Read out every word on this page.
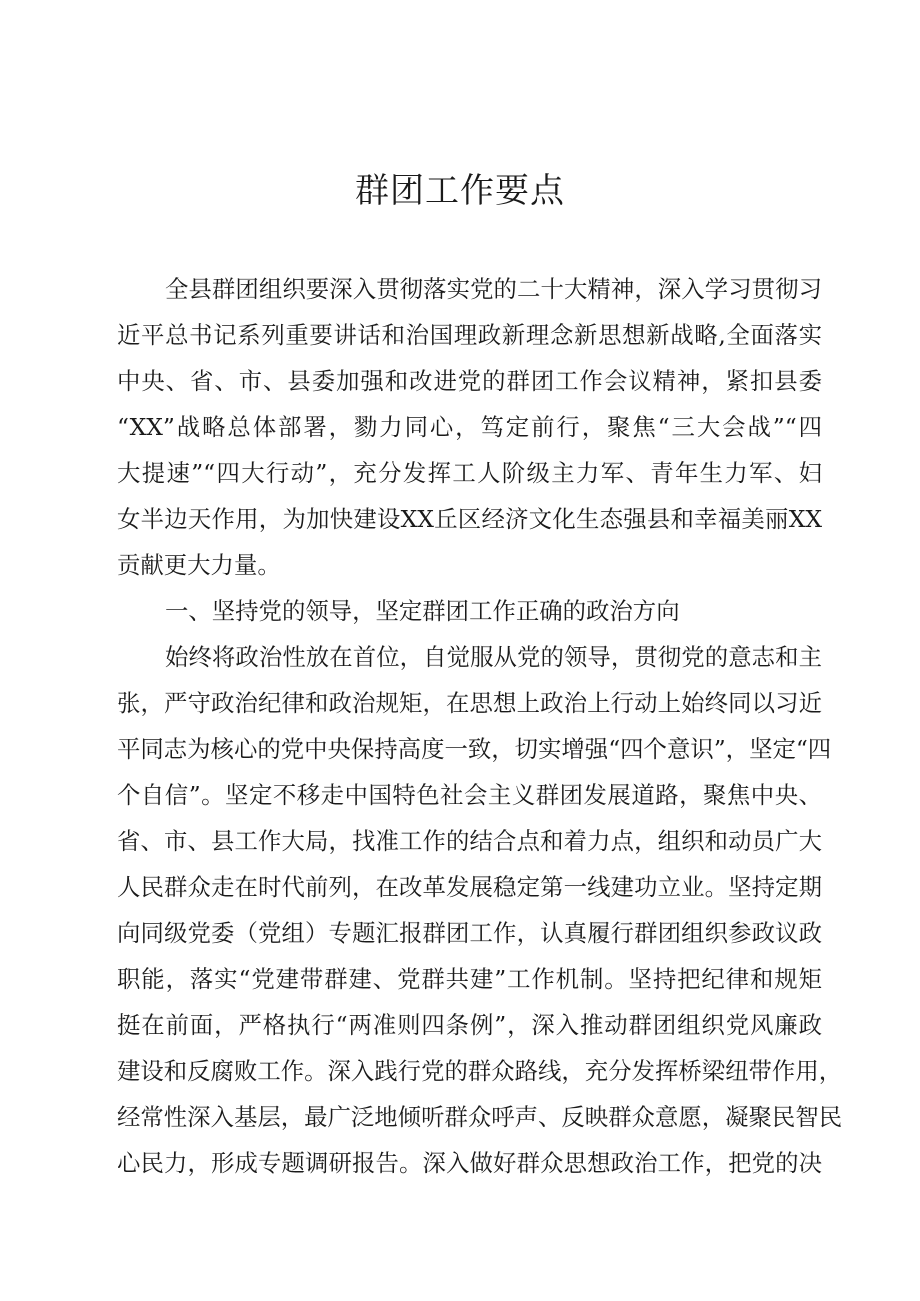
群团工作要点
全县群团组织要深入贯彻落实党的二十大精神，深入学习贯彻习
近平总书记系列重要讲话和治国理政新理念新思想新战略,全面落实
中央、省、市、县委加强和改进党的群团工作会议精神，紧扣县委
“XX”战略总体部署，勠力同心，笃定前行，聚焦“三大会战”“四
大提速”“四大行动”，充分发挥工人阶级主力军、青年生力军、妇
女半边天作用，为加快建设XX丘区经济文化生态强县和幸福美丽XX
贡献更大力量。
一、坚持党的领导，坚定群团工作正确的政治方向
始终将政治性放在首位，自觉服从党的领导，贯彻党的意志和主
张，严守政治纪律和政治规矩，在思想上政治上行动上始终同以习近
平同志为核心的党中央保持高度一致，切实增强“四个意识”，坚定“四
个自信”。坚定不移走中国特色社会主义群团发展道路，聚焦中央、
省、市、县工作大局，找准工作的结合点和着力点，组织和动员广大
人民群众走在时代前列，在改革发展稳定第一线建功立业。坚持定期
向同级党委（党组）专题汇报群团工作，认真履行群团组织参政议政
职能，落实“党建带群建、党群共建”工作机制。坚持把纪律和规矩
挺在前面，严格执行“两准则四条例”，深入推动群团组织党风廉政
建设和反腐败工作。深入践行党的群众路线，充分发挥桥梁纽带作用，
经常性深入基层，最广泛地倾听群众呼声、反映群众意愿，凝聚民智民
心民力，形成专题调研报告。深入做好群众思想政治工作，把党的决
